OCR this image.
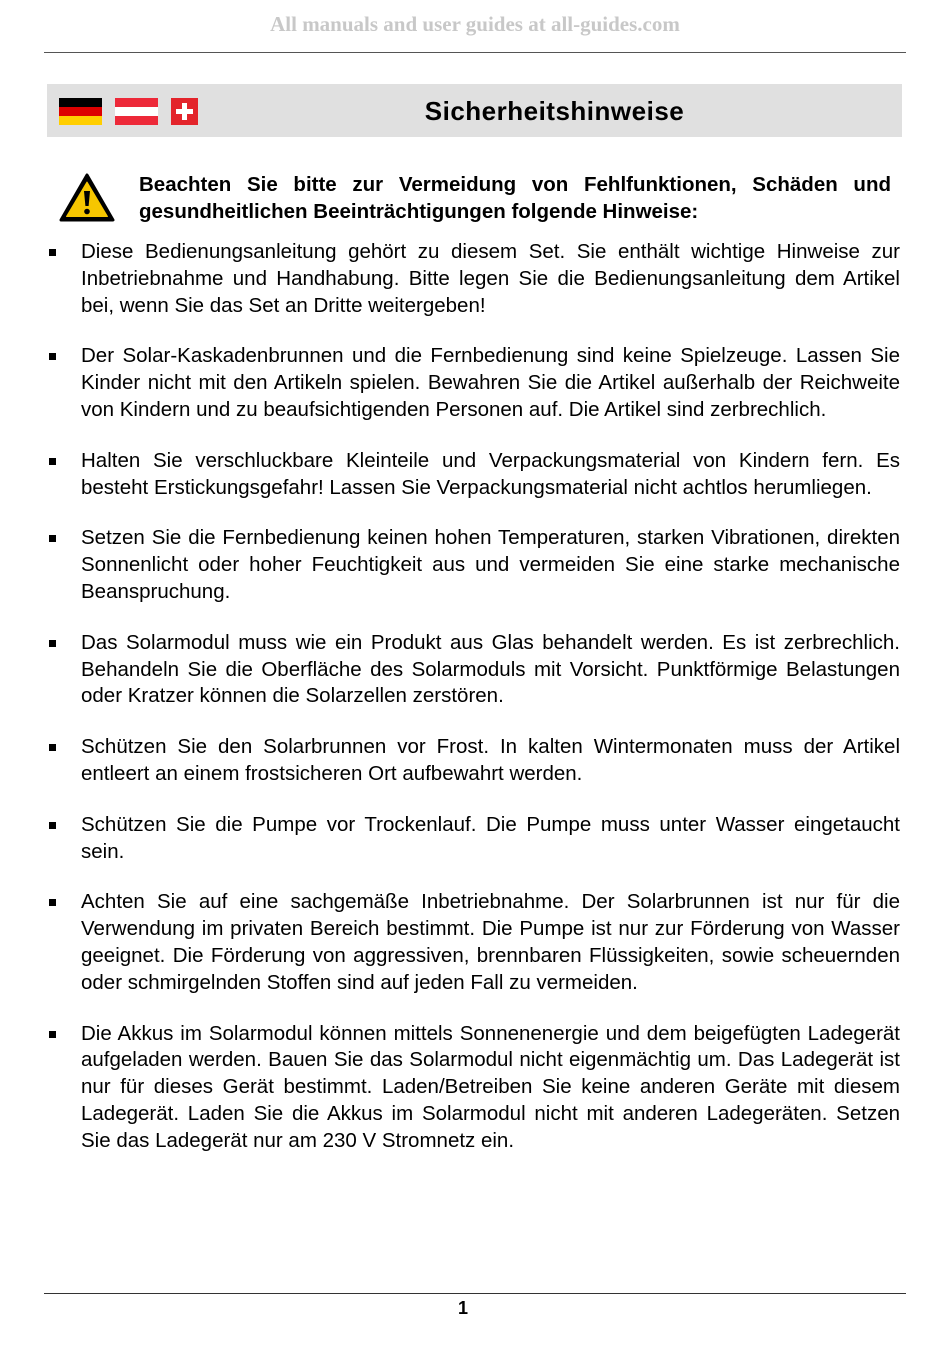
All manuals and user guides at all-guides.com
Sicherheitshinweise
Beachten Sie bitte zur Vermeidung von Fehlfunktionen, Schäden und gesundheitlichen Beeinträchtigungen folgende Hinweise:
Diese Bedienungsanleitung gehört zu diesem Set. Sie enthält wichtige Hinweise zur Inbetriebnahme und Handhabung. Bitte legen Sie die Bedienungsanleitung dem Artikel bei, wenn Sie das Set an Dritte weitergeben!
Der Solar-Kaskadenbrunnen und die Fernbedienung sind keine Spielzeuge. Lassen Sie Kinder nicht mit den Artikeln spielen. Bewahren Sie die Artikel außerhalb der Reichweite von Kindern und zu beaufsichtigenden Personen auf. Die Artikel sind zerbrechlich.
Halten Sie verschluckbare Kleinteile und Verpackungsmaterial von Kindern fern. Es besteht Erstickungsgefahr! Lassen Sie Verpackungsmaterial nicht achtlos herumliegen.
Setzen Sie die Fernbedienung keinen hohen Temperaturen, starken Vibrationen, direkten Sonnenlicht oder hoher Feuchtigkeit aus und vermeiden Sie eine starke mechanische Beanspruchung.
Das Solarmodul muss wie ein Produkt aus Glas behandelt werden. Es ist zerbrechlich. Behandeln Sie die Oberfläche des Solarmoduls mit Vorsicht. Punktförmige Belastungen oder Kratzer können die Solarzellen zerstören.
Schützen Sie den Solarbrunnen vor Frost. In kalten Wintermonaten muss der Artikel entleert an einem frostsicheren Ort aufbewahrt werden.
Schützen Sie die Pumpe vor Trockenlauf. Die Pumpe muss unter Wasser eingetaucht sein.
Achten Sie auf eine sachgemäße Inbetriebnahme. Der Solarbrunnen ist nur für die Verwendung im privaten Bereich bestimmt. Die Pumpe ist nur zur Förderung von Wasser geeignet. Die Förderung von aggressiven, brennbaren Flüssigkeiten, sowie scheuernden oder schmirgelnden Stoffen sind auf jeden Fall zu vermeiden.
Die Akkus im Solarmodul können mittels Sonnenenergie und dem beigefügten Ladegerät aufgeladen werden. Bauen Sie das Solarmodul nicht eigenmächtig um. Das Ladegerät ist nur für dieses Gerät bestimmt. Laden/Betreiben Sie keine anderen Geräte mit diesem Ladegerät. Laden Sie die Akkus im Solarmodul nicht mit anderen Ladegeräten. Setzen Sie das Ladegerät nur am 230 V Stromnetz ein.
1
